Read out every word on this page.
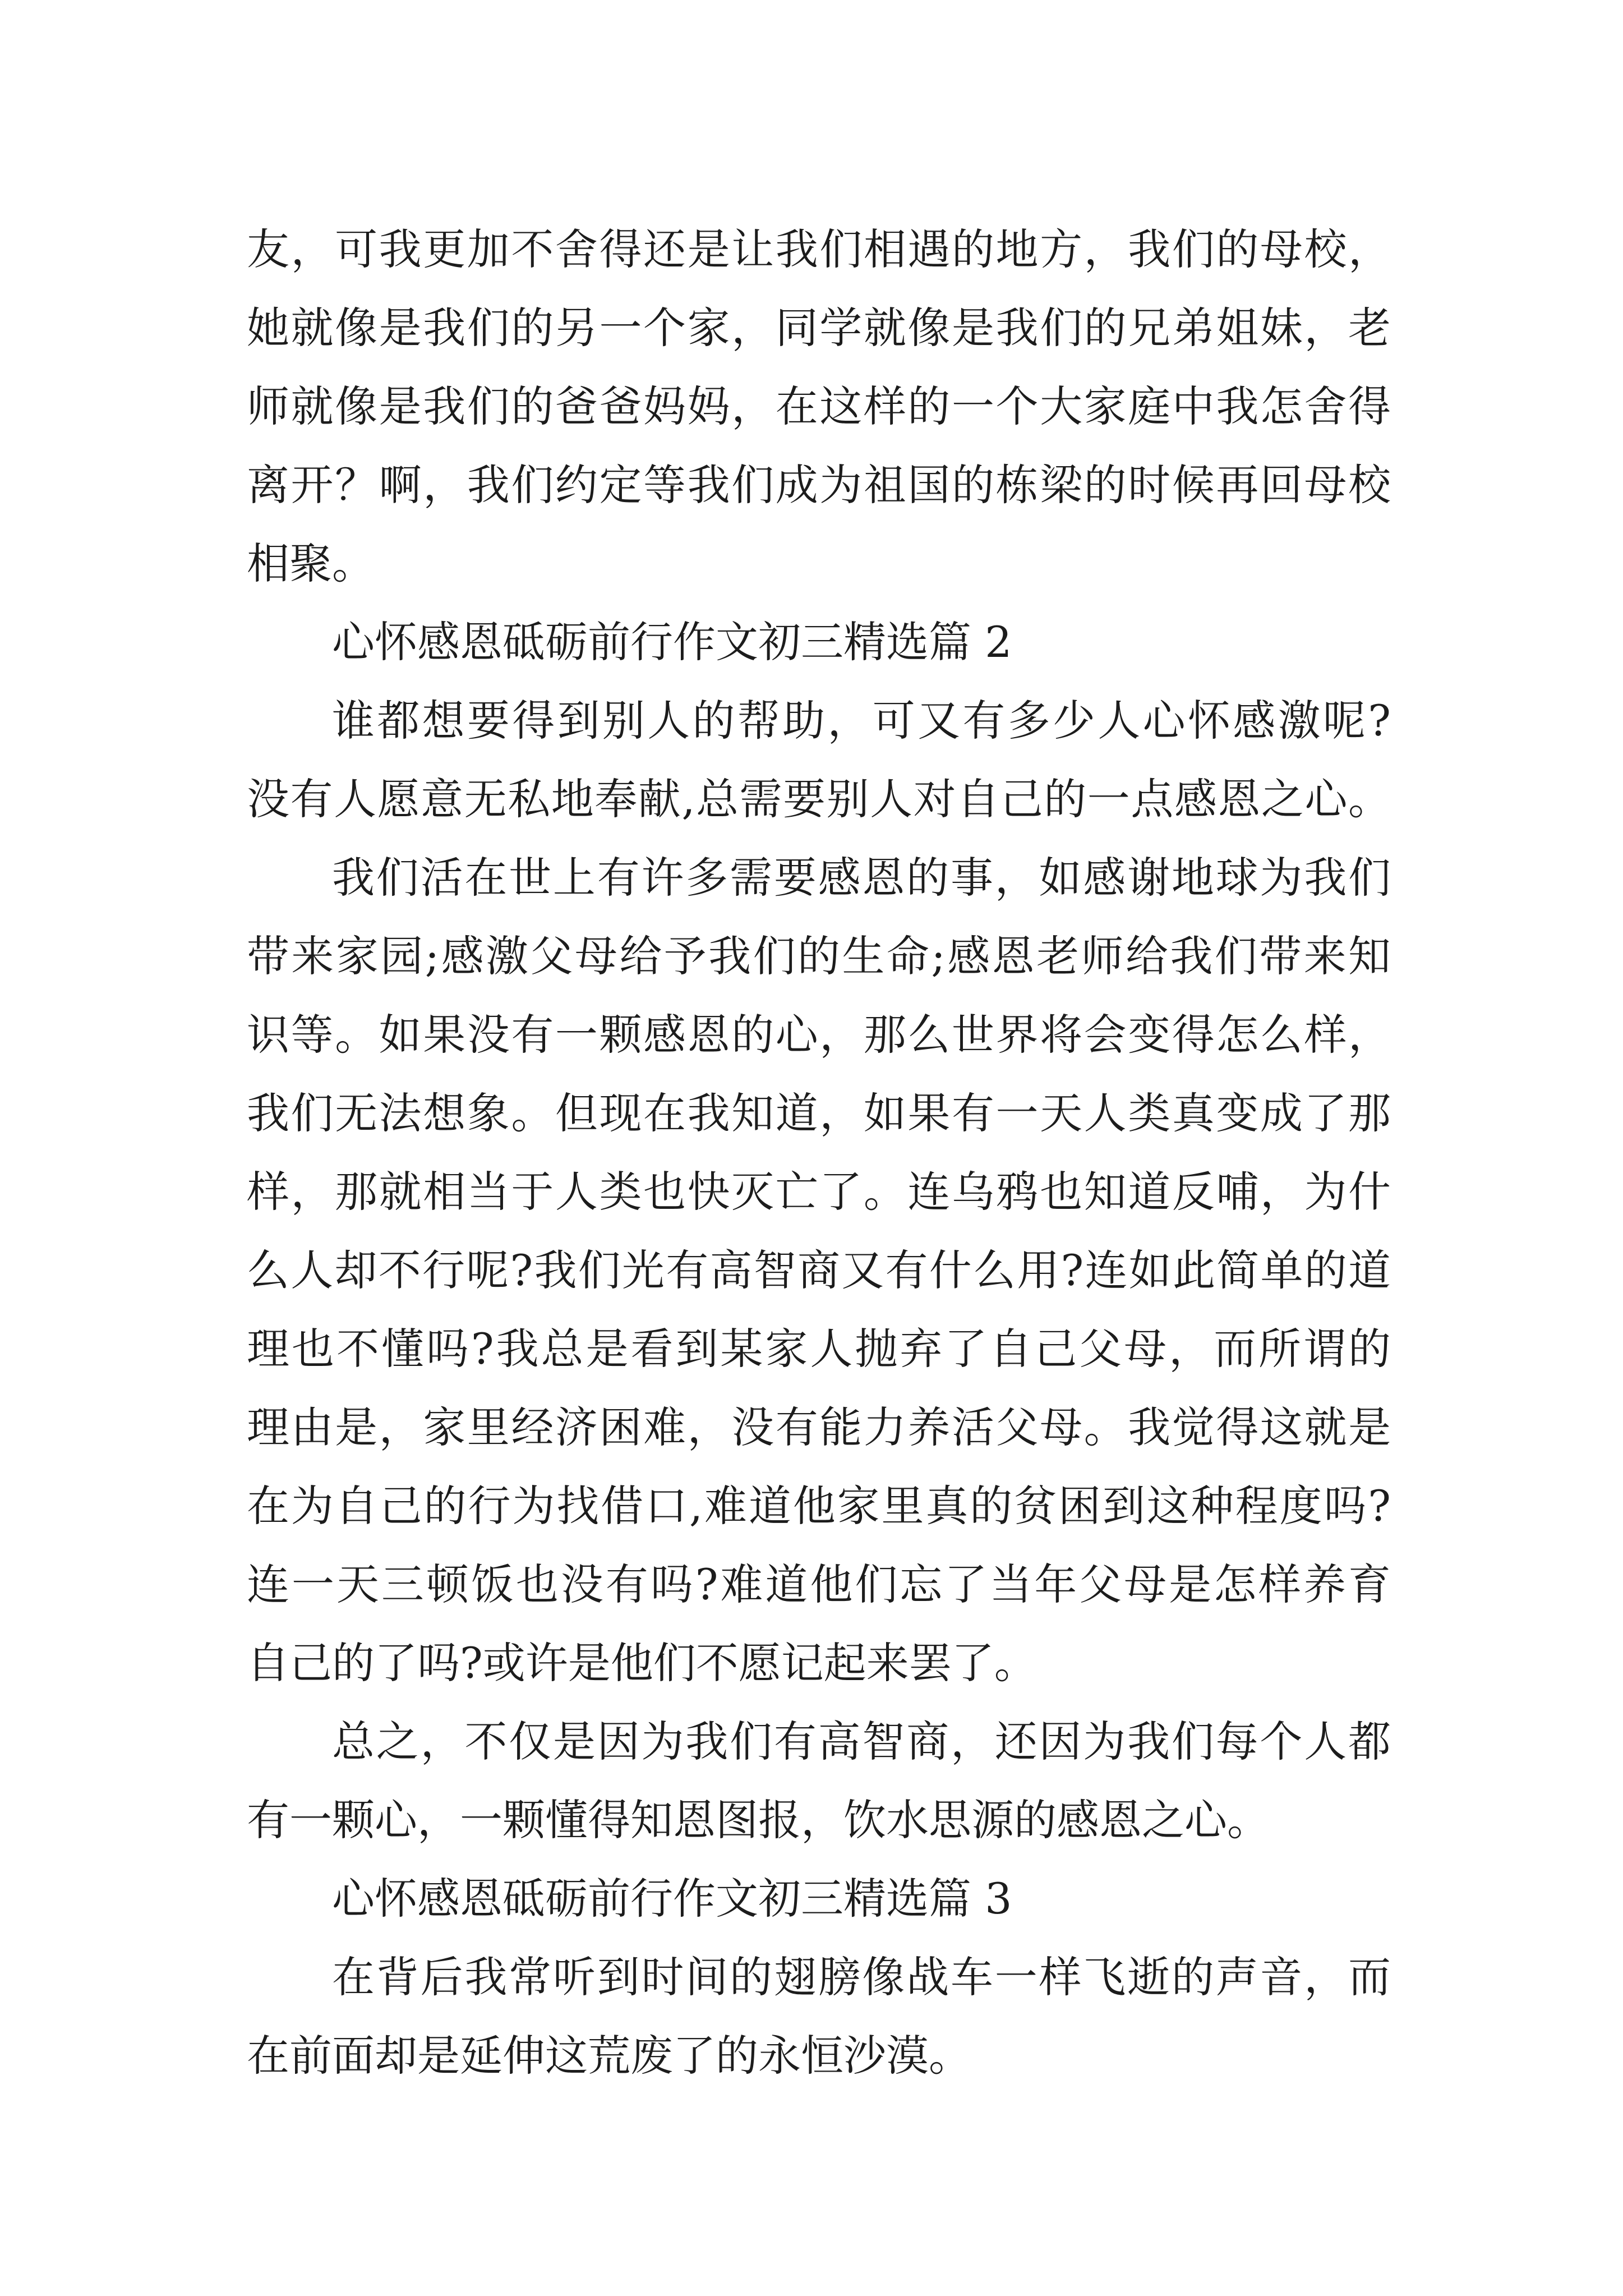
友，可我更加不舍得还是让我们相遇的地方，我们的母校，
她就像是我们的另一个家，同学就像是我们的兄弟姐妹，老
师就像是我们的爸爸妈妈，在这样的一个大家庭中我怎舍得
离开？啊，我们约定等我们成为祖国的栋梁的时候再回母校
相聚。
心怀感恩砥砺前行作文初三精选篇 2
谁都想要得到别人的帮助，可又有多少人心怀感激呢?
没有人愿意无私地奉献,总需要别人对自己的一点感恩之心。
我们活在世上有许多需要感恩的事，如感谢地球为我们
带来家园;感激父母给予我们的生命;感恩老师给我们带来知
识等。如果没有一颗感恩的心，那么世界将会变得怎么样，
我们无法想象。但现在我知道，如果有一天人类真变成了那
样，那就相当于人类也快灭亡了。连乌鸦也知道反哺，为什
么人却不行呢?我们光有高智商又有什么用?连如此简单的道
理也不懂吗?我总是看到某家人抛弃了自己父母，而所谓的
理由是，家里经济困难，没有能力养活父母。我觉得这就是
在为自己的行为找借口,难道他家里真的贫困到这种程度吗?
连一天三顿饭也没有吗?难道他们忘了当年父母是怎样养育
自己的了吗?或许是他们不愿记起来罢了。
总之，不仅是因为我们有高智商，还因为我们每个人都
有一颗心，一颗懂得知恩图报，饮水思源的感恩之心。
心怀感恩砥砺前行作文初三精选篇 3
在背后我常听到时间的翅膀像战车一样飞逝的声音，而
在前面却是延伸这荒废了的永恒沙漠。
